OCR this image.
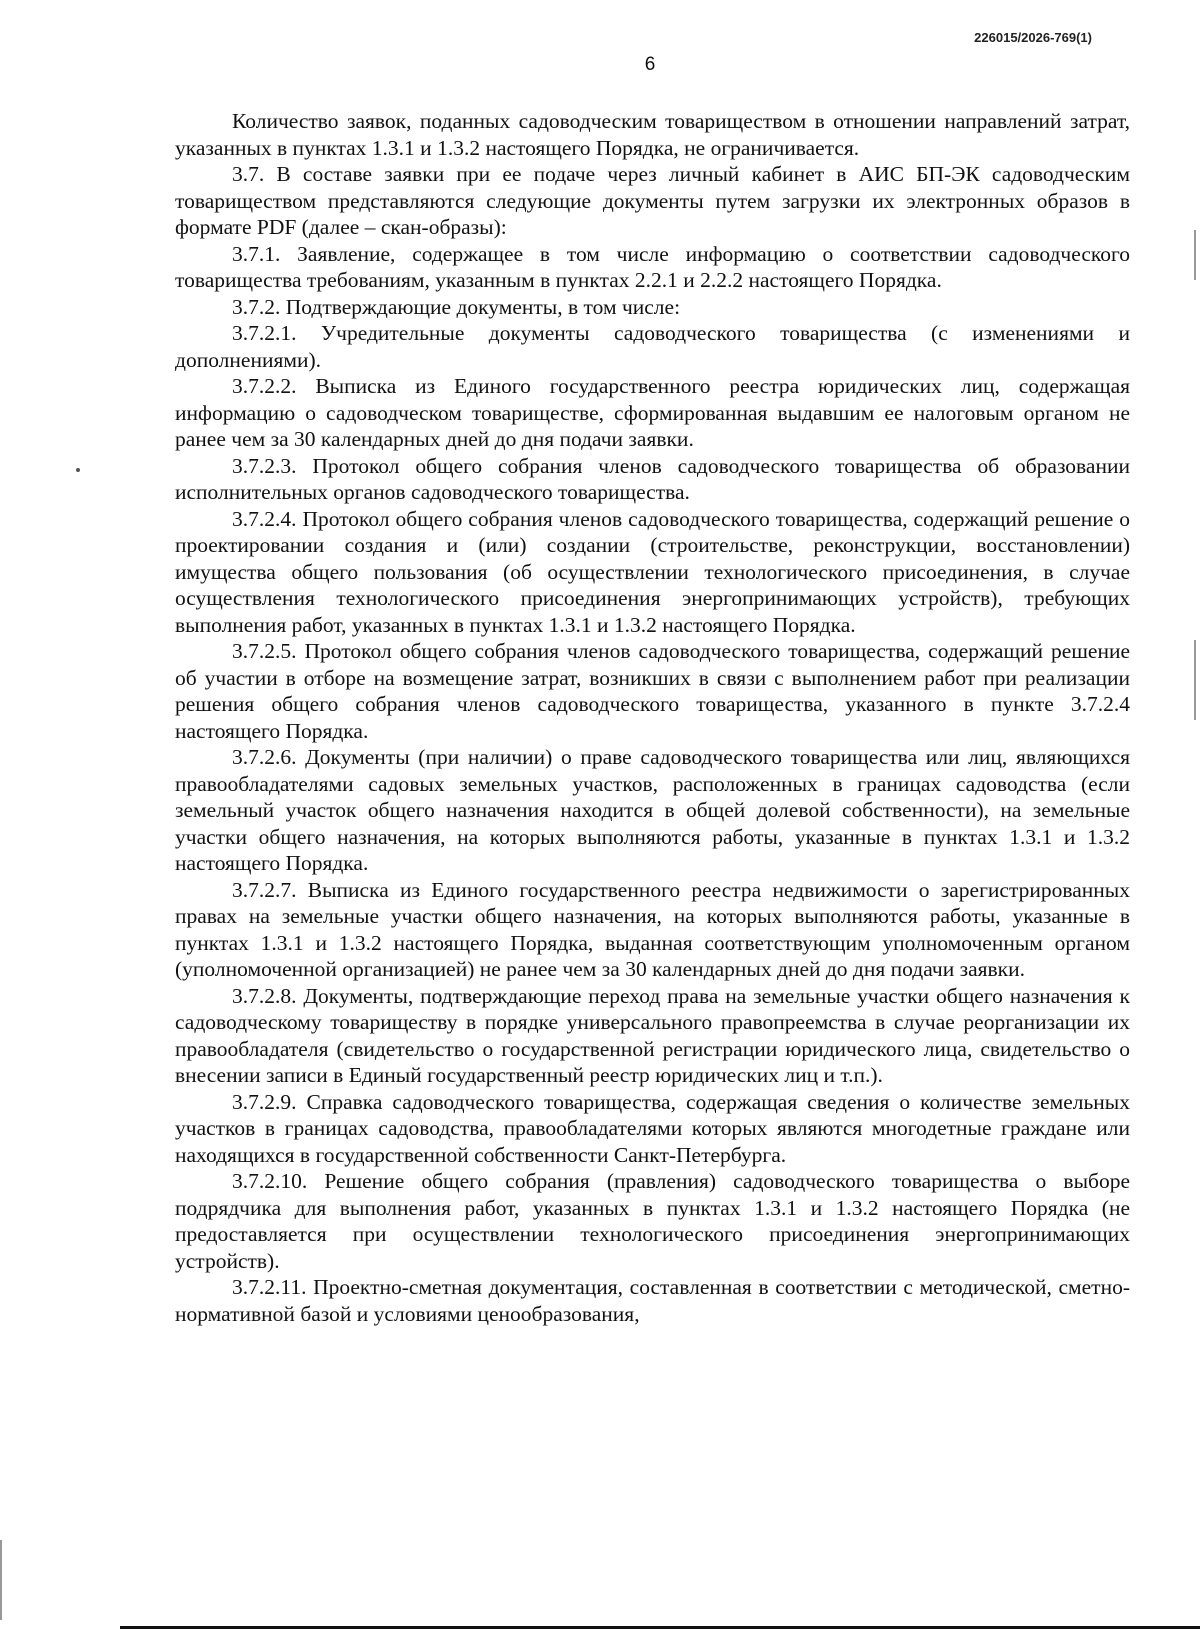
226015/2026-769(1)
6

Количество заявок, поданных садоводческим товариществом в отношении направлений затрат, указанных в пунктах 1.3.1 и 1.3.2 настоящего Порядка, не ограничивается.

3.7. В составе заявки при ее подаче через личный кабинет в АИС БП-ЭК садоводческим товариществом представляются следующие документы путем загрузки их электронных образов в формате PDF (далее – скан-образы):

3.7.1. Заявление, содержащее в том числе информацию о соответствии садоводческого товарищества требованиям, указанным в пунктах 2.2.1 и 2.2.2 настоящего Порядка.

3.7.2. Подтверждающие документы, в том числе:

3.7.2.1. Учредительные документы садоводческого товарищества (с изменениями и дополнениями).

3.7.2.2. Выписка из Единого государственного реестра юридических лиц, содержащая информацию о садоводческом товариществе, сформированная выдавшим ее налоговым органом не ранее чем за 30 календарных дней до дня подачи заявки.

3.7.2.3. Протокол общего собрания членов садоводческого товарищества об образовании исполнительных органов садоводческого товарищества.

3.7.2.4. Протокол общего собрания членов садоводческого товарищества, содержащий решение о проектировании создания и (или) создании (строительстве, реконструкции, восстановлении) имущества общего пользования (об осуществлении технологического присоединения, в случае осуществления технологического присоединения энергопринимающих устройств), требующих выполнения работ, указанных в пунктах 1.3.1 и 1.3.2 настоящего Порядка.

3.7.2.5. Протокол общего собрания членов садоводческого товарищества, содержащий решение об участии в отборе на возмещение затрат, возникших в связи с выполнением работ при реализации решения общего собрания членов садоводческого товарищества, указанного в пункте 3.7.2.4 настоящего Порядка.

3.7.2.6. Документы (при наличии) о праве садоводческого товарищества или лиц, являющихся правообладателями садовых земельных участков, расположенных в границах садоводства (если земельный участок общего назначения находится в общей долевой собственности), на земельные участки общего назначения, на которых выполняются работы, указанные в пунктах 1.3.1 и 1.3.2 настоящего Порядка.

3.7.2.7. Выписка из Единого государственного реестра недвижимости о зарегистрированных правах на земельные участки общего назначения, на которых выполняются работы, указанные в пунктах 1.3.1 и 1.3.2 настоящего Порядка, выданная соответствующим уполномоченным органом (уполномоченной организацией) не ранее чем за 30 календарных дней до дня подачи заявки.

3.7.2.8. Документы, подтверждающие переход права на земельные участки общего назначения к садоводческому товариществу в порядке универсального правопреемства в случае реорганизации их правообладателя (свидетельство о государственной регистрации юридического лица, свидетельство о внесении записи в Единый государственный реестр юридических лиц и т.п.).

3.7.2.9. Справка садоводческого товарищества, содержащая сведения о количестве земельных участков в границах садоводства, правообладателями которых являются многодетные граждане или находящихся в государственной собственности Санкт-Петербурга.

3.7.2.10. Решение общего собрания (правления) садоводческого товарищества о выборе подрядчика для выполнения работ, указанных в пунктах 1.3.1 и 1.3.2 настоящего Порядка (не предоставляется при осуществлении технологического присоединения энергопринимающих устройств).

3.7.2.11. Проектно-сметная документация, составленная в соответствии с методической, сметно-нормативной базой и условиями ценообразования,
